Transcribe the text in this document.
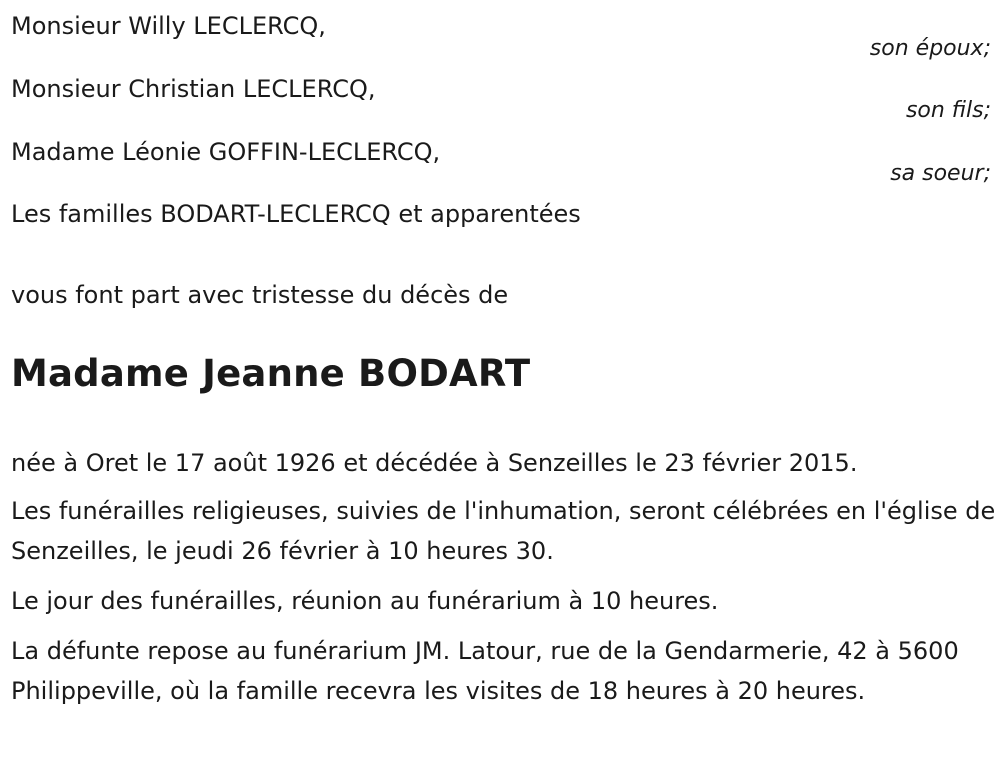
Monsieur Willy LECLERCQ,
son époux;
Monsieur Christian LECLERCQ,
son fils;
Madame Léonie GOFFIN-LECLERCQ,
sa soeur;
Les familles BODART-LECLERCQ et apparentées
vous font part avec tristesse du décès de
Madame Jeanne BODART
née à Oret le 17 août 1926 et décédée à Senzeilles le 23 février 2015.
Les funérailles religieuses, suivies de l'inhumation, seront célébrées en l'église de Senzeilles, le jeudi 26 février à 10 heures 30.
Le jour des funérailles, réunion au funérarium à 10 heures.
La défunte repose au funérarium JM. Latour, rue de la Gendarmerie, 42 à 5600 Philippeville, où la famille recevra les visites de 18 heures à 20 heures.
